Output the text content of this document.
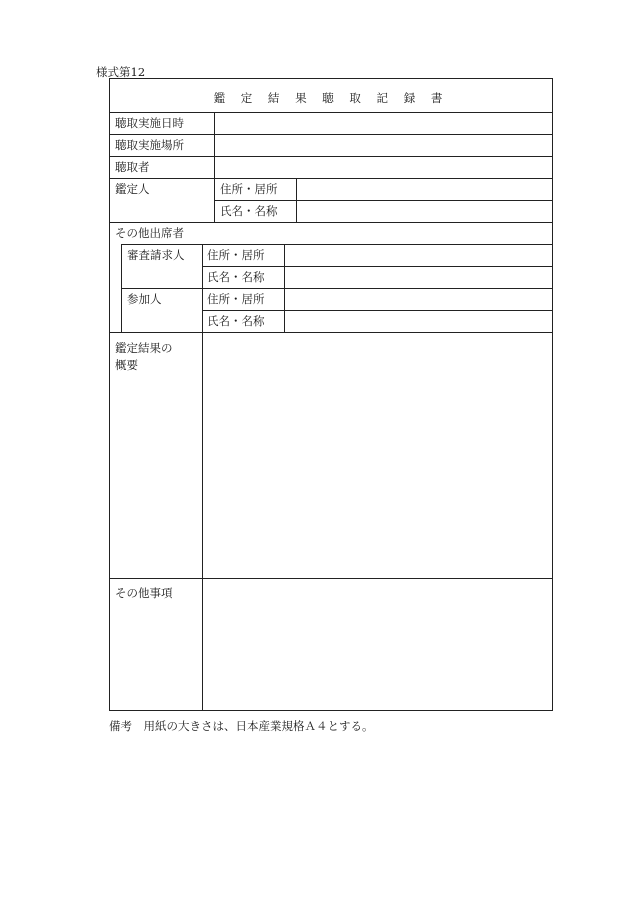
様式第12
鑑 定 結 果 聴 取 記 録 書
聴取実施日時
聴取実施場所
聴取者
鑑定人	住所・居所
氏名・名称
その他出席者
審査請求人 住所・居所
氏名・名称
参加人	住所・居所
氏名・名称
鑑定結果の
概要
その他事項
備考　用紙の大きさは、日本産業規格Ａ４とする。
